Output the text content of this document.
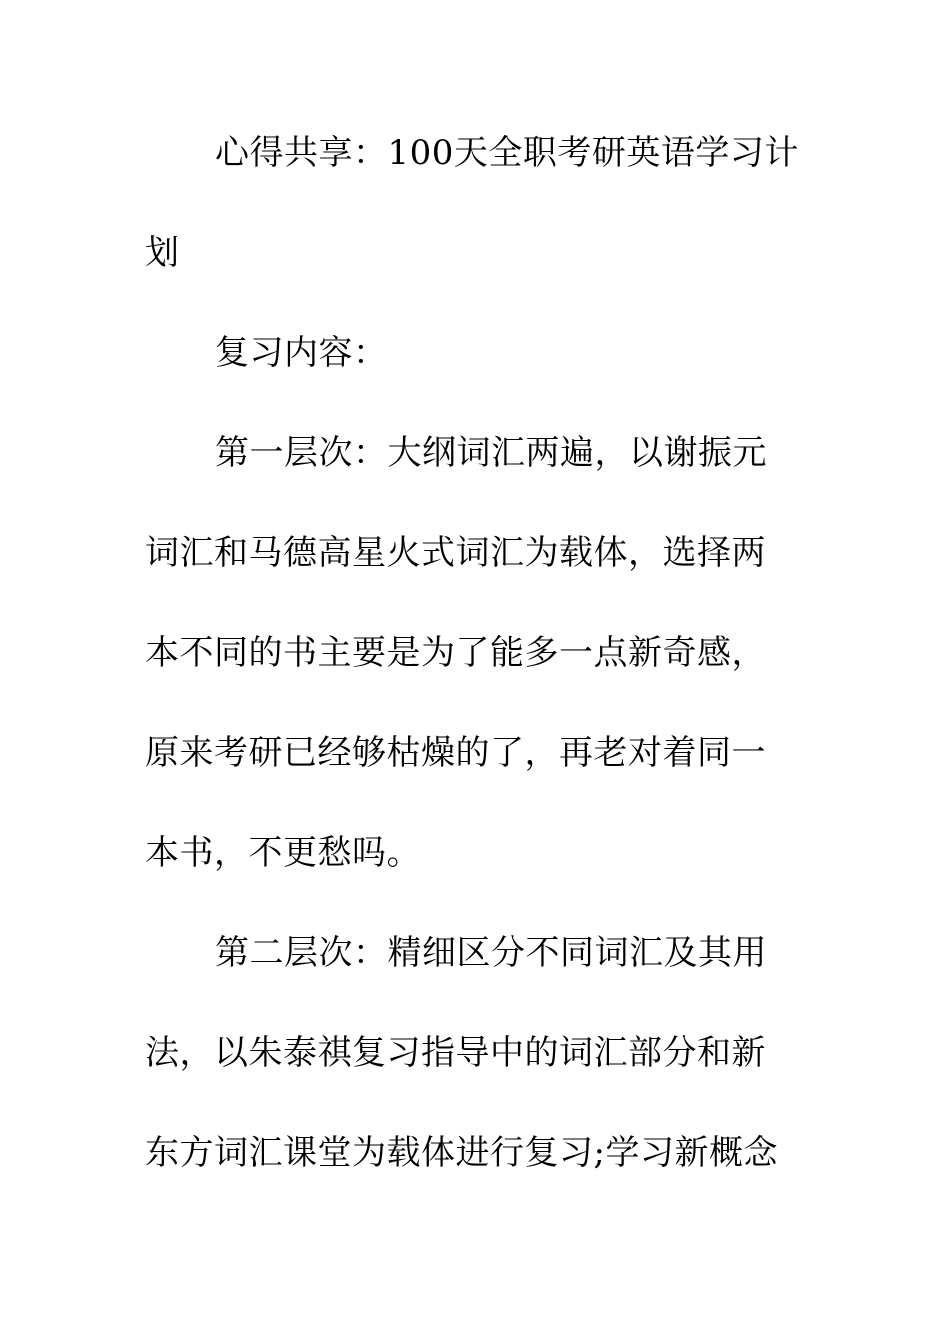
心得共享：100天全职考研英语学习计
划
复习内容：
第一层次：大纲词汇两遍，以谢振元
词汇和马德高星火式词汇为载体，选择两
本不同的书主要是为了能多一点新奇感，
原来考研已经够枯燥的了，再老对着同一
本书，不更愁吗。
第二层次：精细区分不同词汇及其用
法，以朱泰祺复习指导中的词汇部分和新
东方词汇课堂为载体进行复习;学习新概念
